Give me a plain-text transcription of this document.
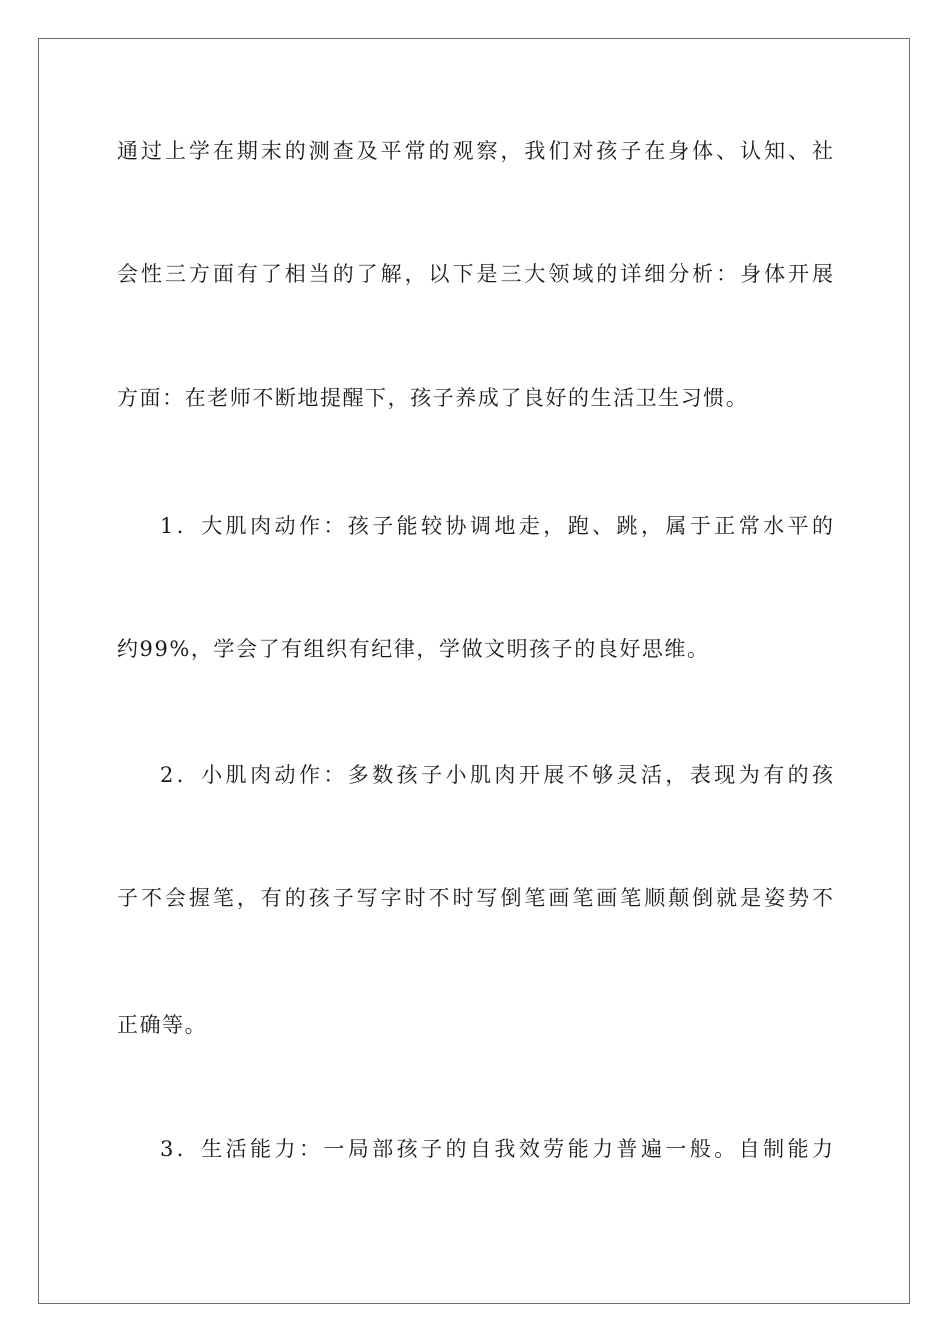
通过上学在期末的测查及平常的观察，我们对孩子在身体、认知、社
会性三方面有了相当的了解，以下是三大领域的详细分析：身体开展
方面：在老师不断地提醒下，孩子养成了良好的生活卫生习惯。
1．大肌肉动作：孩子能较协调地走，跑、跳，属于正常水平的
约99%，学会了有组织有纪律，学做文明孩子的良好思维。
2．小肌肉动作：多数孩子小肌肉开展不够灵活，表现为有的孩
子不会握笔，有的孩子写字时不时写倒笔画笔画笔顺颠倒就是姿势不
正确等。
3．生活能力：一局部孩子的自我效劳能力普遍一般。自制能力
